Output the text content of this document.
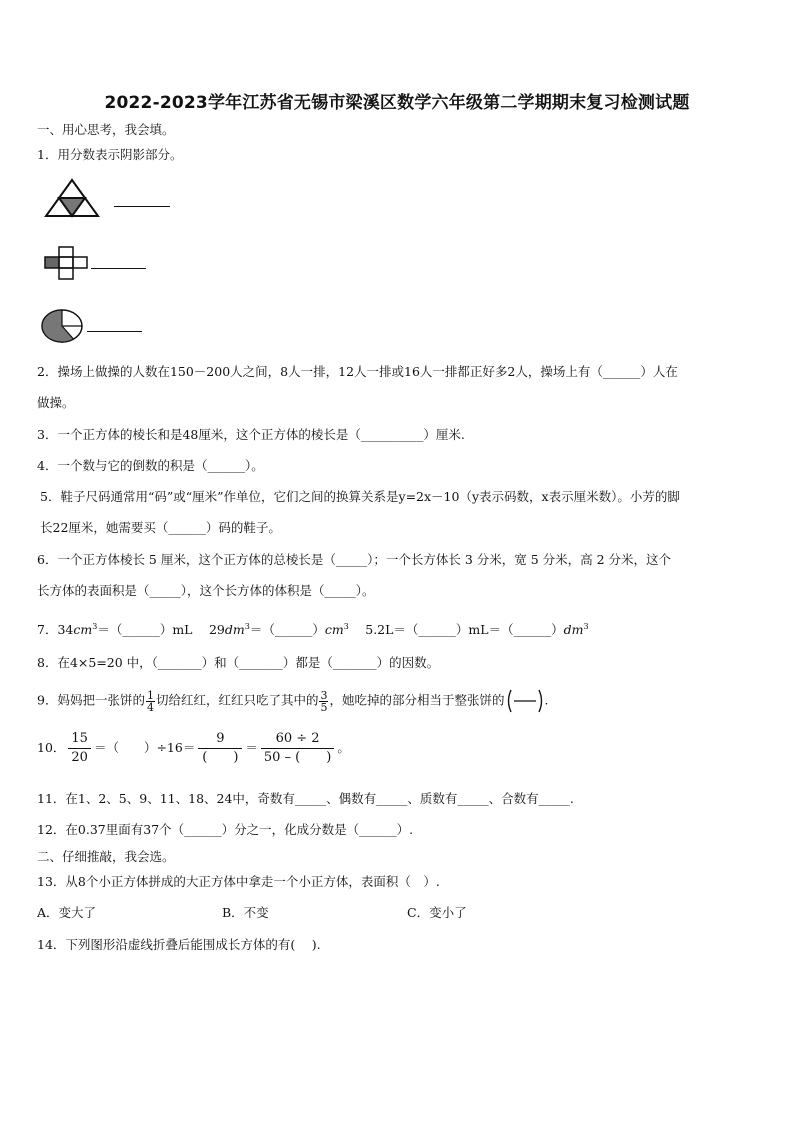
2022-2023学年江苏省无锡市梁溪区数学六年级第二学期期末复习检测试题
一、用心思考，我会填。
1．用分数表示阴影部分。
2．操场上做操的人数在150－200人之间，8人一排，12人一排或16人一排都正好多2人，操场上有（______）人在
做操。
3．一个正方体的棱长和是48厘米，这个正方体的棱长是（__________）厘米.
4．一个数与它的倒数的积是（______）。
5．鞋子尺码通常用“码”或“厘米”作单位，它们之间的换算关系是y=2x－10（y表示码数，x表示厘米数）。小芳的脚
长22厘米，她需要买（______）码的鞋子。
6．一个正方体棱长 5 厘米，这个正方体的总棱长是（_____）；一个长方体长 3 分米，宽 5 分米，高 2 分米，这个
长方体的表面积是（_____），这个长方体的体积是（_____）。
7．$34cm^3=(\_\_\_\_\_\_)mL$　 $29dm^3=(\_\_\_\_\_\_)cm^3$　 $5.2L=(\_\_\_\_\_\_)mL=(\_\_\_\_\_\_)dm^3$
8．在4×5=20 中，（_______）和（_______）都是（_______）的因数。
9．妈妈把一张饼的 $\frac{1}{4}$ 切给红红，红红只吃了其中的 $\frac{3}{5}$ ，她吃掉的部分相当于整张饼的	.
10． $\frac{15}{20}$ ＝（　　）÷16＝
9
(　　)
＝ $\frac{60 \div 2}{50 - ( )}$ 。
11．在1、2、5、9、11、18、24中，奇数有_____、偶数有_____、质数有_____、合数有_____.
12．在0.37里面有37个（______）分之一，化成分数是（______）.
二、仔细推敲，我会选。
13．从8个小正方体拼成的大正方体中拿走一个小正方体，表面积（　）.
A．变大了	B．不变	C．变小了
14．下列图形沿虚线折叠后能围成长方体的有(　 ).
